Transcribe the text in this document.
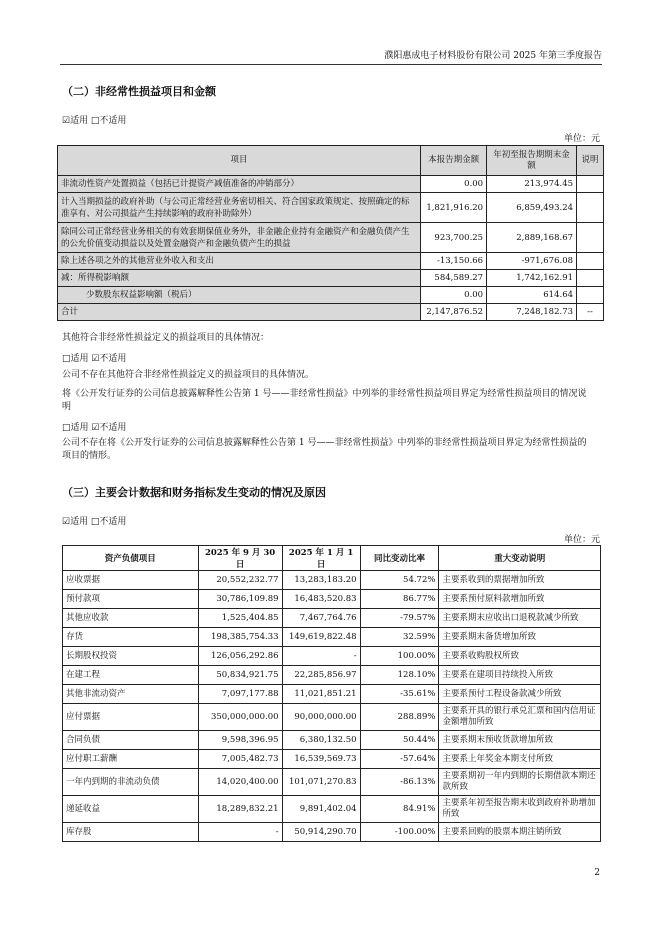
濮阳惠成电子材料股份有限公司 2025 年第三季度报告
（二）非经常性损益项目和金额
☑适用 □不适用
单位：元
项目	本报告期金额	年初至报告期期末金额	说明
非流动性资产处置损益（包括已计提资产减值准备的冲销部分）	0.00	213,974.45	
计入当期损益的政府补助（与公司正常经营业务密切相关、符合国家政策规定、按照确定的标准享有、对公司损益产生持续影响的政府补助除外）	1,821,916.20	6,859,493.24	
除同公司正常经营业务相关的有效套期保值业务外，非金融企业持有金融资产和金融负债产生的公允价值变动损益以及处置金融资产和金融负债产生的损益	923,700.25	2,889,168.67	
除上述各项之外的其他营业外收入和支出	-13,150.66	-971,676.08	
减：所得税影响额	584,589.27	1,742,162.91	
少数股东权益影响额（税后）	0.00	614.64	
合计	2,147,876.52	7,248,182.73	--
其他符合非经常性损益定义的损益项目的具体情况：
□适用 ☑不适用
公司不存在其他符合非经常性损益定义的损益项目的具体情况。
将《公开发行证券的公司信息披露解释性公告第 1 号——非经常性损益》中列举的非经常性损益项目界定为经常性损益项目的情况说明
□适用 ☑不适用
公司不存在将《公开发行证券的公司信息披露解释性公告第 1 号——非经常性损益》中列举的非经常性损益项目界定为经常性损益的项目的情形。
（三）主要会计数据和财务指标发生变动的情况及原因
☑适用 □不适用
单位：元
资产负债项目	2025 年 9 月 30 日	2025 年 1 月 1 日	同比变动比率	重大变动说明
应收票据	20,552,232.77	13,283,183.20	54.72%	主要系收到的票据增加所致
预付款项	30,786,109.89	16,483,520.83	86.77%	主要系预付原料款增加所致
其他应收款	1,525,404.85	7,467,764.76	-79.57%	主要系期末应收出口退税款减少所致
存货	198,385,754.33	149,619,822.48	32.59%	主要系期末备货增加所致
长期股权投资	126,056,292.86	-	100.00%	主要系收购股权所致
在建工程	50,834,921.75	22,285,856.97	128.10%	主要系在建项目持续投入所致
其他非流动资产	7,097,177.88	11,021,851.21	-35.61%	主要系预付工程设备款减少所致
应付票据	350,000,000.00	90,000,000.00	288.89%	主要系开具的银行承兑汇票和国内信用证金额增加所致
合同负债	9,598,396.95	6,380,132.50	50.44%	主要系期末预收货款增加所致
应付职工薪酬	7,005,482.73	16,539,569.73	-57.64%	主要系上年奖金本期支付所致
一年内到期的非流动负债	14,020,400.00	101,071,270.83	-86.13%	主要系期初一年内到期的长期借款本期还款所致
递延收益	18,289,832.21	9,891,402.04	84.91%	主要系年初至报告期末收到政府补助增加所致
库存股	-	50,914,290.70	-100.00%	主要系回购的股票本期注销所致
2
